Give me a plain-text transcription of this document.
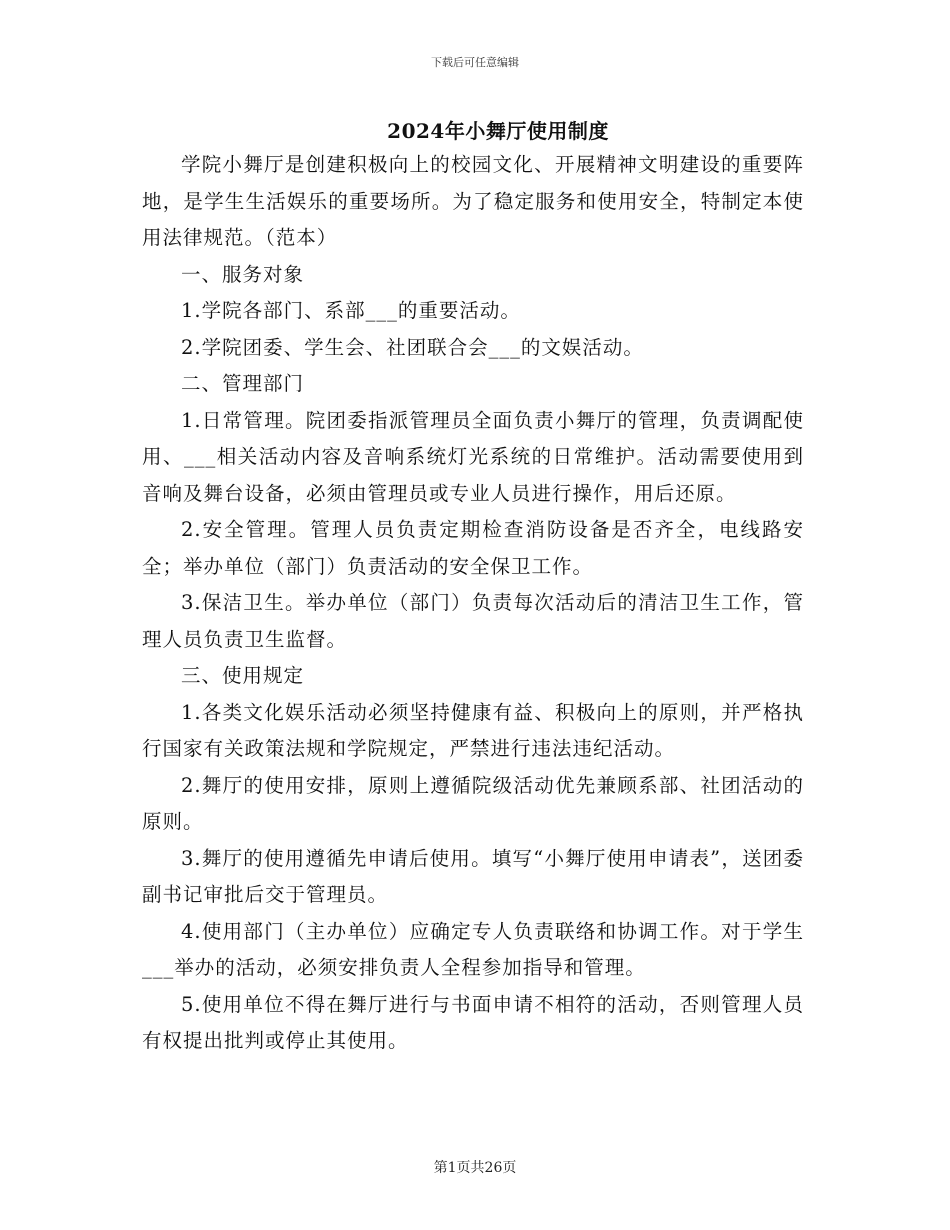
下载后可任意编辑
2024年小舞厅使用制度

学院小舞厅是创建积极向上的校园文化、开展精神文明建设的重要阵地，是学生生活娱乐的重要场所。为了稳定服务和使用安全，特制定本使用法律规范。（范本）

一、服务对象

1.学院各部门、系部___的重要活动。

2.学院团委、学生会、社团联合会___的文娱活动。

二、管理部门

1.日常管理。院团委指派管理员全面负责小舞厅的管理，负责调配使用、___相关活动内容及音响系统灯光系统的日常维护。活动需要使用到音响及舞台设备，必须由管理员或专业人员进行操作，用后还原。

2.安全管理。管理人员负责定期检查消防设备是否齐全，电线路安全；举办单位（部门）负责活动的安全保卫工作。

3.保洁卫生。举办单位（部门）负责每次活动后的清洁卫生工作，管理人员负责卫生监督。

三、使用规定

1.各类文化娱乐活动必须坚持健康有益、积极向上的原则，并严格执行国家有关政策法规和学院规定，严禁进行违法违纪活动。

2.舞厅的使用安排，原则上遵循院级活动优先兼顾系部、社团活动的原则。

3.舞厅的使用遵循先申请后使用。填写“小舞厅使用申请表”，送团委副书记审批后交于管理员。

4.使用部门（主办单位）应确定专人负责联络和协调工作。对于学生___举办的活动，必须安排负责人全程参加指导和管理。

5.使用单位不得在舞厅进行与书面申请不相符的活动，否则管理人员有权提出批判或停止其使用。

第1页共26页
